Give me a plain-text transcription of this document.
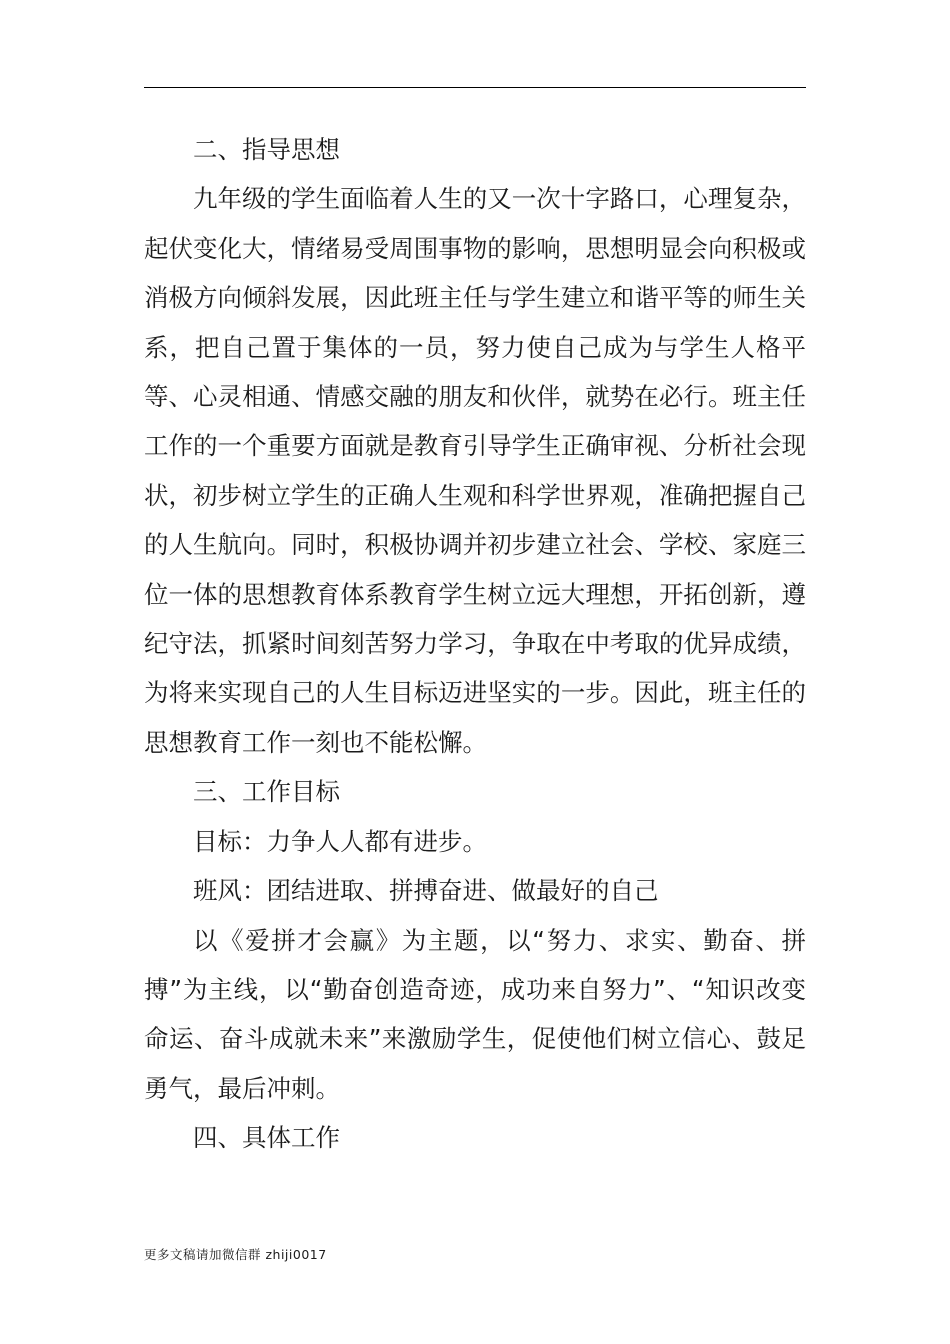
二、指导思想

九年级的学生面临着人生的又一次十字路口，心理复杂，起伏变化大，情绪易受周围事物的影响，思想明显会向积极或消极方向倾斜发展，因此班主任与学生建立和谐平等的师生关系，把自己置于集体的一员，努力使自己成为与学生人格平等、心灵相通、情感交融的朋友和伙伴，就势在必行。班主任工作的一个重要方面就是教育引导学生正确审视、分析社会现状，初步树立学生的正确人生观和科学世界观，准确把握自己的人生航向。同时，积极协调并初步建立社会、学校、家庭三位一体的思想教育体系教育学生树立远大理想，开拓创新，遵纪守法，抓紧时间刻苦努力学习，争取在中考取的优异成绩，为将来实现自己的人生目标迈进坚实的一步。因此，班主任的思想教育工作一刻也不能松懈。

三、工作目标

目标：力争人人都有进步。

班风：团结进取、拼搏奋进、做最好的自己

以《爱拼才会赢》为主题，以“努力、求实、勤奋、拼搏”为主线，以“勤奋创造奇迹，成功来自努力”、“知识改变命运、奋斗成就未来”来激励学生，促使他们树立信心、鼓足勇气，最后冲刺。

四、具体工作

更多文稿请加微信群 zhiji0017
